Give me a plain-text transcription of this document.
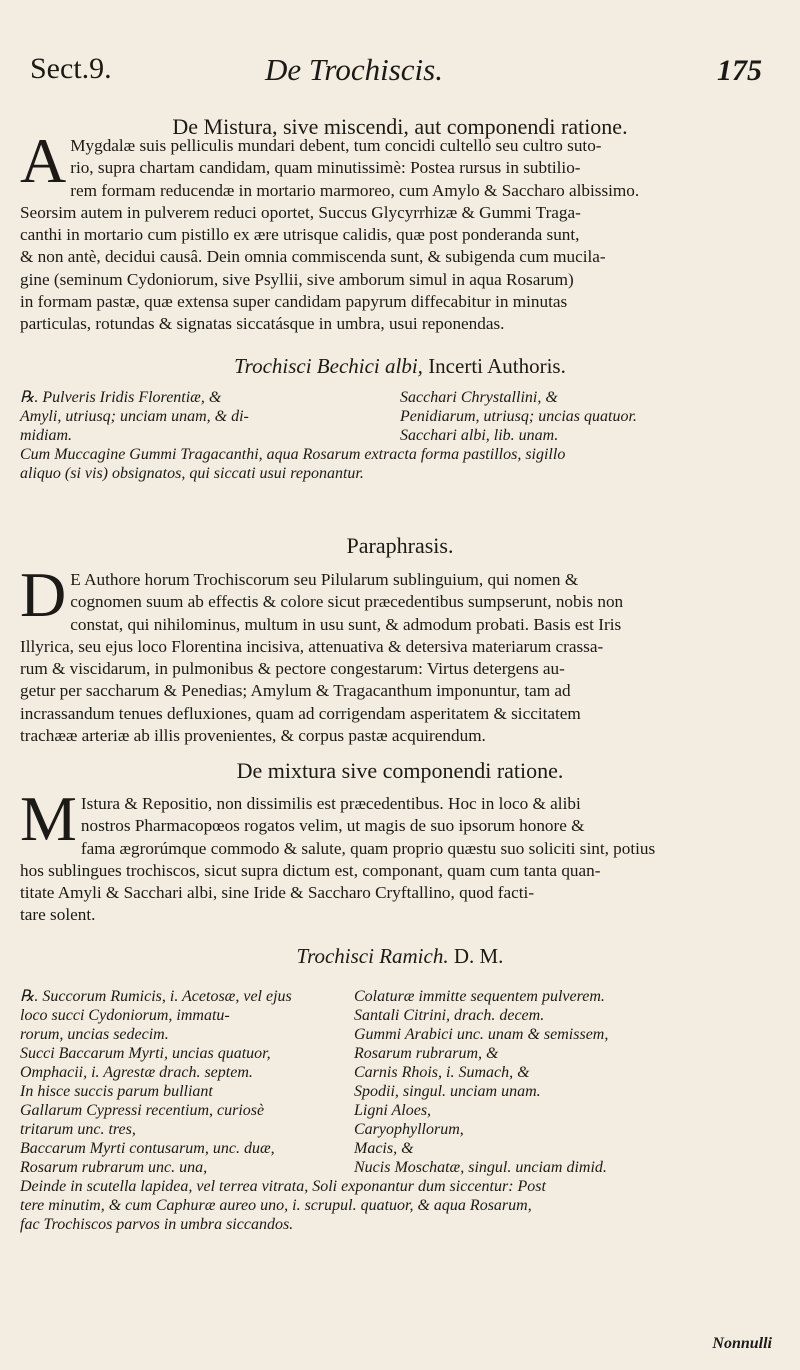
Sect.9.	De Trochiscis.	175
De Mistura, sive miscendi, aut componendi ratione.
A Mygdalæ suis pelliculis mundari debent, tum concidi cultello seu cultro suto-
rio, supra chartam candidam, quam minutissimè: Postea rursus in subtilio-
rem formam reducendæ in mortario marmoreo, cum Amylo & Saccharo albissimo.
Seorsim autem in pulverem reduci oportet, Succus Glycyrrhizæ & Gummi Traga-
canthi in mortario cum pistillo ex ære utrisque calidis, quæ post ponderanda sunt,
& non antè, decidui causâ. Dein omnia commiscenda sunt, & subigenda cum mucila-
gine (seminum Cydoniorum, sive Psyllii, sive amborum simul in aqua Rosarum)
in formam pastæ, quæ extensa super candidam papyrum diffecabitur in minutas
particulas, rotundas & signatas siccatásque in umbra, usui reponendas.

Trochisci Bechici albi, Incerti Authoris.
℞. Pulveris Iridis Florentiæ, &
Amyli, utriusq; unciam unam, & di-
midiam.
Sacchari Chrystallini, &
Penidiarum, utriusq; uncias quatuor.
Sacchari albi, lib. unam.
Cum Muccagine Gummi Tragacanthi, aqua Rosarum extracta forma pastillos, sigillo
aliquo (si vis) obsignatos, qui siccati usui reponantur.
Paraphrasis.
D E Authore horum Trochiscorum seu Pilularum sublinguium, qui nomen &
cognomen suum ab effectis & colore sicut præcedentibus sumpserunt, nobis non
constat, qui nihilominus, multum in usu sunt, & admodum probati. Basis est Iris
Illyrica, seu ejus loco Florentina incisiva, attenuativa & detersiva materiarum crassa-
rum & viscidarum, in pulmonibus & pectore congestarum: Virtus detergens au-
getur per saccharum & Penedias; Amylum & Tragacanthum imponuntur, tam ad
incrassandum tenues defluxiones, quam ad corrigendam asperitatem & siccitatem
trachææ arteriæ ab illis provenientes, & corpus pastæ acquirendum.

De mixtura sive componendi ratione.
M Istura & Repositio, non dissimilis est præcedentibus. Hoc in loco & alibi
nostros Pharmacopœos rogatos velim, ut magis de suo ipsorum honore &
fama ægrorúmque commodo & salute, quam proprio quæstu suo soliciti sint, potius
hos sublingues trochiscos, sicut supra dictum est, componant, quam cum tanta quan-
titate Amyli & Sacchari albi, sine Iride & Saccharo Cryftallino, quod facti-
tare solent.

Trochisci Ramich. D. M.
℞. Succorum Rumicis, i. Acetosæ, vel ejus
loco succi Cydoniorum, immatu-
rorum, uncias sedecim.
Succi Baccarum Myrti, uncias quatuor,
Omphacii, i. Agrestæ drach. septem.
In hisce succis parum bulliant
Gallarum Cypressi recentium, curiosè
tritarum unc. tres,
Baccarum Myrti contusarum, unc. duæ,
Rosarum rubrarum unc. una,
Colaturæ immitte sequentem pulverem.
Santali Citrini, drach. decem.
Gummi Arabici unc. unam & semissem,
Rosarum rubrarum, &
Carnis Rhois, i. Sumach, &
Spodii, singul. unciam unam.
Ligni Aloes,
Caryophyllorum,
Macis, &
Nucis Moschatæ, singul. unciam dimid.
Deinde in scutella lapidea, vel terrea vitrata, Soli exponantur dum siccentur: Post
tere minutim, & cum Caphuræ aureo uno, i. scrupul. quatuor, & aqua Rosarum,
fac Trochiscos parvos in umbra siccandos.
Nonnulli
